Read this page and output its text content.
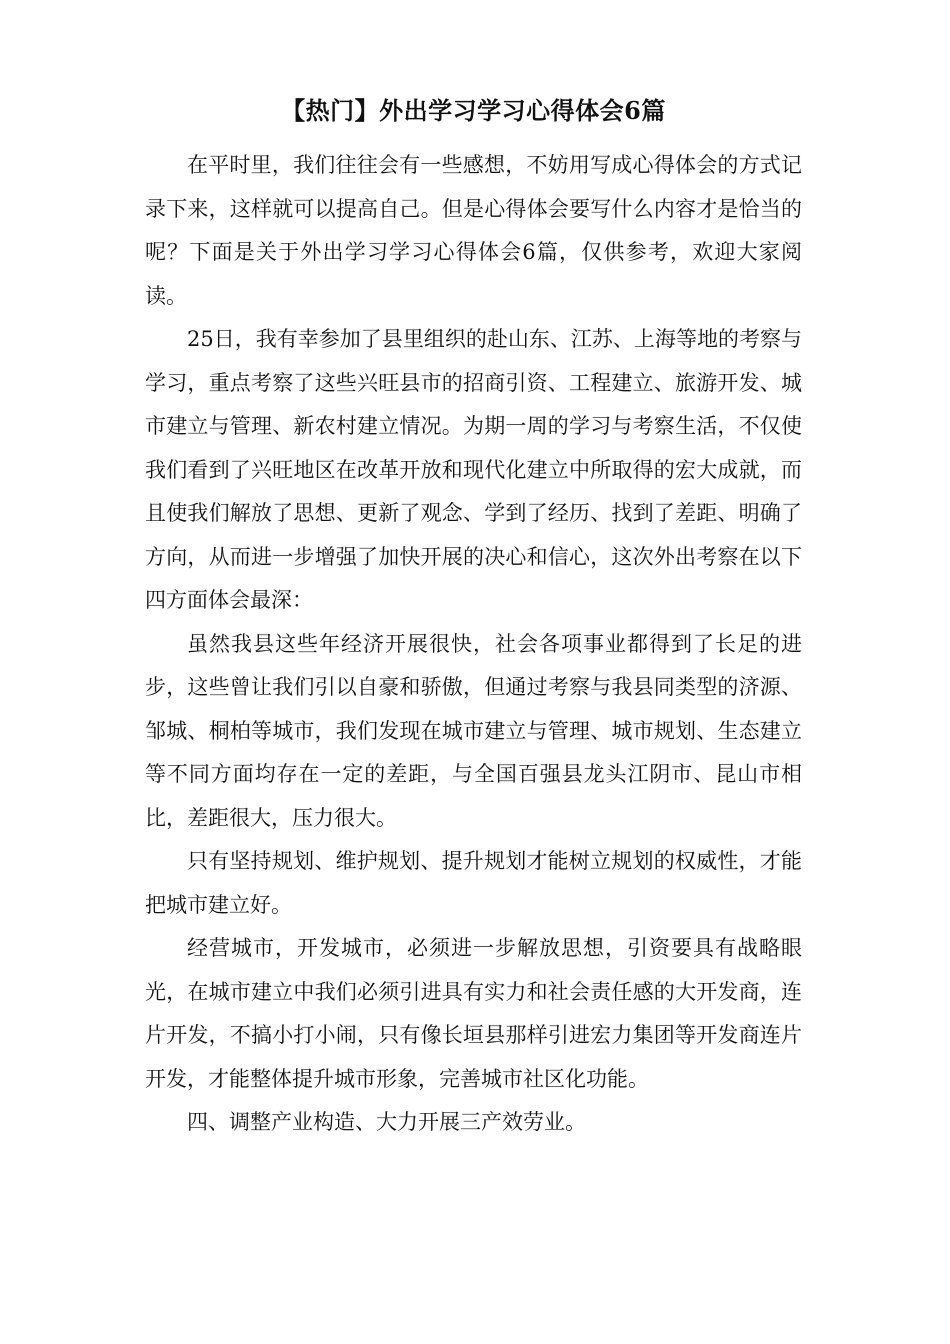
【热门】外出学习学习心得体会6篇

在平时里，我们往往会有一些感想，不妨用写成心得体会的方式记录下来，这样就可以提高自己。但是心得体会要写什么内容才是恰当的呢？下面是关于外出学习学习心得体会6篇，仅供参考，欢迎大家阅读。

25日，我有幸参加了县里组织的赴山东、江苏、上海等地的考察与学习，重点考察了这些兴旺县市的招商引资、工程建立、旅游开发、城市建立与管理、新农村建立情况。为期一周的学习与考察生活，不仅使我们看到了兴旺地区在改革开放和现代化建立中所取得的宏大成就，而且使我们解放了思想、更新了观念、学到了经历、找到了差距、明确了方向，从而进一步增强了加快开展的决心和信心，这次外出考察在以下四方面体会最深：

虽然我县这些年经济开展很快，社会各项事业都得到了长足的进步，这些曾让我们引以自豪和骄傲，但通过考察与我县同类型的济源、邹城、桐柏等城市，我们发现在城市建立与管理、城市规划、生态建立等不同方面均存在一定的差距，与全国百强县龙头江阴市、昆山市相比，差距很大，压力很大。

只有坚持规划、维护规划、提升规划才能树立规划的权威性，才能把城市建立好。

经营城市，开发城市，必须进一步解放思想，引资要具有战略眼光，在城市建立中我们必须引进具有实力和社会责任感的大开发商，连片开发，不搞小打小闹，只有像长垣县那样引进宏力集团等开发商连片开发，才能整体提升城市形象，完善城市社区化功能。

四、调整产业构造、大力开展三产效劳业。
